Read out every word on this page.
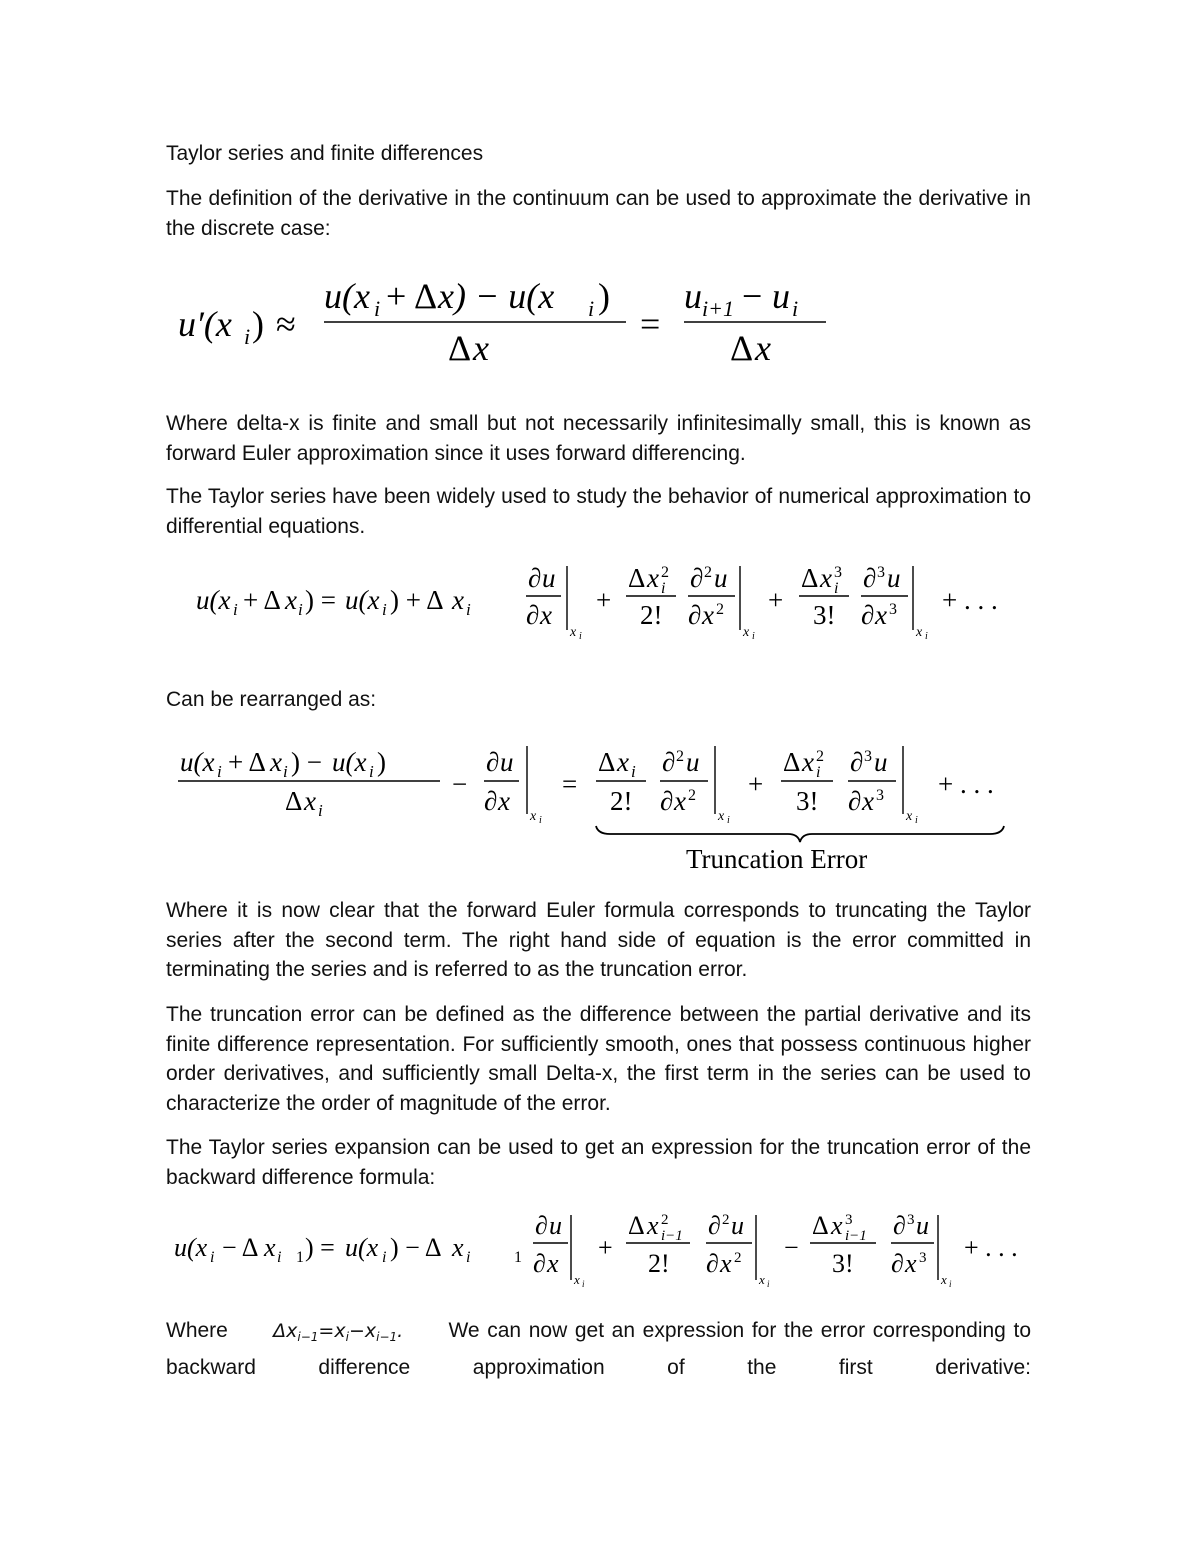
Taylor series and finite differences

The definition of the derivative in the continuum can be used to approximate the derivative in the discrete case:

u′(x i ) ≈
u(x i + Δ x) − u(x i )
Δ x
=
u i+1 − u i
Δ x

Where delta-x is finite and small but not necessarily infinitesimally small, this is known as forward Euler approximation since it uses forward differencing.

The Taylor series have been widely used to study the behavior of numerical approximation to differential equations.

u(x i + Δ x i ) = u(x i ) + Δ x i
∂ u
∂ x
x i
+
Δ x 2
i
2!
∂ 2 u
∂ x 2
x i
+
Δ x 3
i
3!
∂ 3 u
∂ x 3
x i
+ . . .

Can be rearranged as:

u(x i + Δ x i ) − u(x i )
Δ x i
−
∂ u
∂ x
x i
=
Δ x i
2!
∂ 2 u
∂ x 2
x i
+
Δ x 2
i
3!
∂ 3 u
∂ x 3
x i
+ . . .
Truncation Error

Where it is now clear that the forward Euler formula corresponds to truncating the Taylor series after the second term. The right hand side of equation is the error committed in terminating the series and is referred to as the truncation error.

The truncation error can be defined as the difference between the partial derivative and its finite difference representation. For sufficiently smooth, ones that possess continuous higher order derivatives, and sufficiently small Delta-x, the first term in the series can be used to characterize the order of magnitude of the error.

The Taylor series expansion can be used to get an expression for the truncation error of the backward difference formula:

u(x i − Δ x i 1 ) = u(x i ) − Δ x i	1
∂ u
∂ x
x i
+
Δ x 2
i−1
2!
∂ 2 u
∂ x 2
x i
−
Δ x 3
i−1
3!
∂ 3 u
∂ x 3
x i
+ . . .

Where $\Delta x_{i-1}=x_i-x_{i-1}$. We can now get an expression for the error corresponding to backward difference approximation of the first derivative:
